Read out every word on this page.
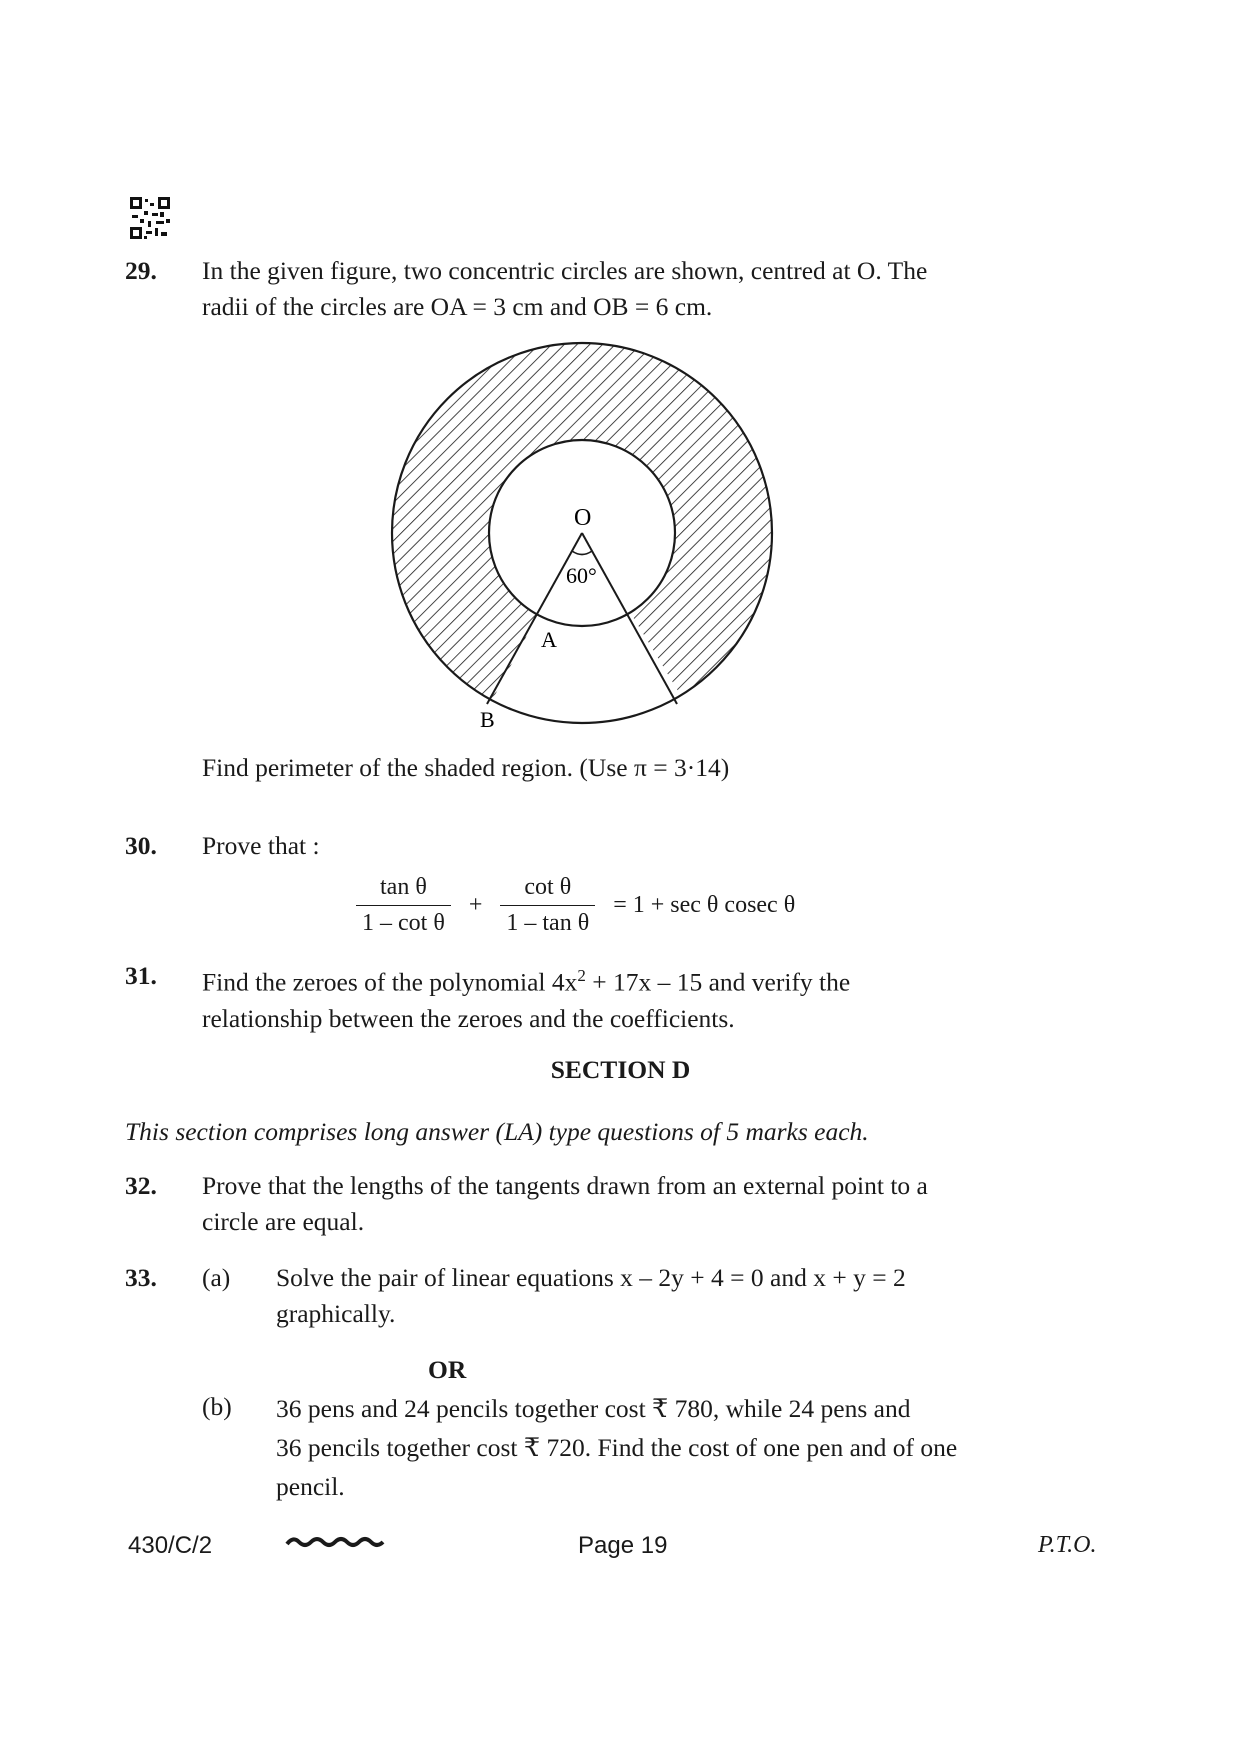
29. In the given figure, two concentric circles are shown, centred at O. The
radii of the circles are OA = 3 cm and OB = 6 cm.
O
60°
A
B
Find perimeter of the shaded region. (Use π = 3·14)
30. Prove that :
$\frac{\text{tan θ}}{\text{1 – cot θ}} + \frac{\text{cot θ}}{\text{1 – tan θ}} = 1 + \sec \theta$ cosec θ
31. Find the zeroes of the polynomial $4x^2 + 17x - 15$ and verify the
relationship between the zeroes and the coefficients.
SECTION D
This section comprises long answer (LA) type questions of 5 marks each.
32. Prove that the lengths of the tangents drawn from an external point to a
circle are equal.
33. (a) Solve the pair of linear equations x – 2y + 4 = 0 and x + y = 2
graphically.
OR
(b) 36 pens and 24 pencils together cost ₹ 780, while 24 pens and
36 pencils together cost ₹ 720. Find the cost of one pen and of one
pencil.
430/C/2	Page 19	P.T.O.
